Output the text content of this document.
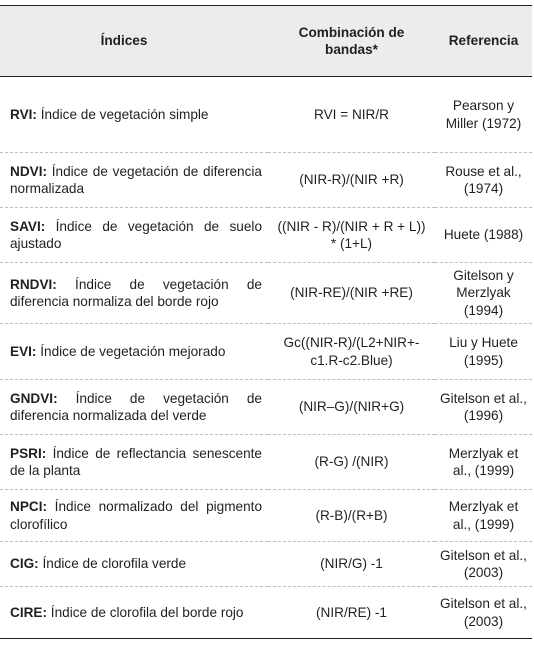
Índices	Combinación de bandas*	Referencia
RVI: Índice de vegetación simple	RVI = NIR/R	Pearson y Miller (1972)
NDVI: Índice de vegetación de diferencia normalizada	(NIR-R)/(NIR +R)	Rouse et al., (1974)
SAVI: Índice de vegetación de suelo ajustado	((NIR - R)/(NIR + R + L)) * (1+L)	Huete (1988)
RNDVI: Índice de vegetación de diferencia normaliza del borde rojo	(NIR-RE)/(NIR +RE)	Gitelson y Merzlyak (1994)
EVI: Índice de vegetación mejorado	Gc((NIR-R)/(L2+NIR+-c1.R-c2.Blue)	Liu y Huete (1995)
GNDVI: Índice de vegetación de diferencia normalizada del verde	(NIR–G)/(NIR+G)	Gitelson et al., (1996)
PSRI: Índice de reflectancia senescente de la planta	(R-G) /(NIR)	Merzlyak et al., (1999)
NPCI: Índice normalizado del pigmento clorofílico	(R-B)/(R+B)	Merzlyak et al., (1999)
CIG: Índice de clorofila verde	(NIR/G) -1	Gitelson et al., (2003)
CIRE: Índice de clorofila del borde rojo	(NIR/RE) -1	Gitelson et al., (2003)
